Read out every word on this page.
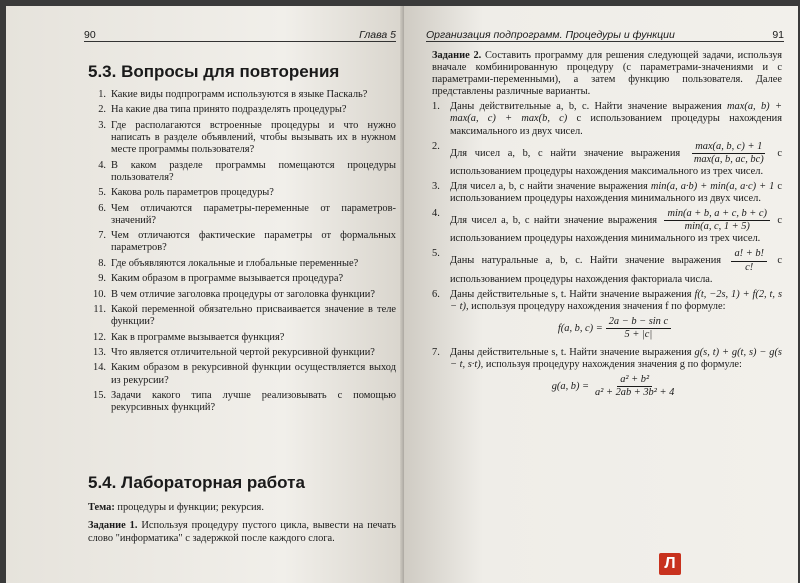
90	Глава 5
5.3. Вопросы для повторения
1. Какие виды подпрограмм используются в языке Паскаль?
2. На какие два типа принято подразделять процедуры?
3. Где располагаются встроенные процедуры и что нужно написать в разделе объявлений, чтобы вызывать их в нужном месте программы пользователя?
4. В каком разделе программы помещаются процедуры пользователя?
5. Какова роль параметров процедуры?
6. Чем отличаются параметры-переменные от параметров-значений?
7. Чем отличаются фактические параметры от формальных параметров?
8. Где объявляются локальные и глобальные переменные?
9. Каким образом в программе вызывается процедура?
10. В чем отличие заголовка процедуры от заголовка функции?
11. Какой переменной обязательно присваивается значение в теле функции?
12. Как в программе вызывается функция?
13. Что является отличительной чертой рекурсивной функции?
14. Каким образом в рекурсивной функции осуществляется выход из рекурсии?
15. Задачи какого типа лучше реализовывать с помощью рекурсивных функций?
5.4. Лабораторная работа

Тема: процедуры и функции; рекурсия.

Задание 1. Используя процедуру пустого цикла, вывести на печать слово "информатика" с задержкой после каждого слога.

Организация подпрограмм. Процедуры и функции	91

Задание 2. Составить программу для решения следующей задачи, используя вначале комбинированную процедуру (с параметрами-значениями и с параметрами-переменными), а затем функцию пользователя. Далее представлены различные варианты.

1. Даны действительные a, b, c. Найти значение выражения max(a, b) + max(a, c) + max(b, c) с использованием процедуры нахождения максимального из двух чисел.
2.
Для чисел a, b, c найти значение выражения $\frac{\max(a, b, c) + 1}{\max(a, b, ac, bc)}$ с использованием процедуры нахождения максимального из трех чисел.
3. Для чисел a, b, c найти значение выражения min(a, a·b) + min(a, a·c) + 1 с использованием процедуры нахождения минимального из двух чисел.
4.
Для чисел a, b, c найти значение выражения $\frac{\min(a + b, a + c, b + c)}{\min(a, c, 1 + 5)}$ с использованием процедуры нахождения минимального из трех чисел.
5.
Даны натуральные a, b, c. Найти значение выражения $\frac{a! + b!}{c!}$ с использованием процедуры нахождения факториала числа.
6. Даны действительные s, t. Найти значение выражения f(t, −2s, 1) + f(2, t, s − t), используя процедуру нахождения значения f по формуле:
f(a, b, $c) = \frac{\text{2a − b − sin c}}{5 + |c|}$
7. Даны действительные s, t. Найти значение выражения g(s, t) + g(t, s) − g(s − t, s·t), используя процедуру нахождения значения g по формуле:
g(a, $b) = \frac{\text{a² + b²}}{\text{a² + 2ab + 3b² + 4}}$
Л
